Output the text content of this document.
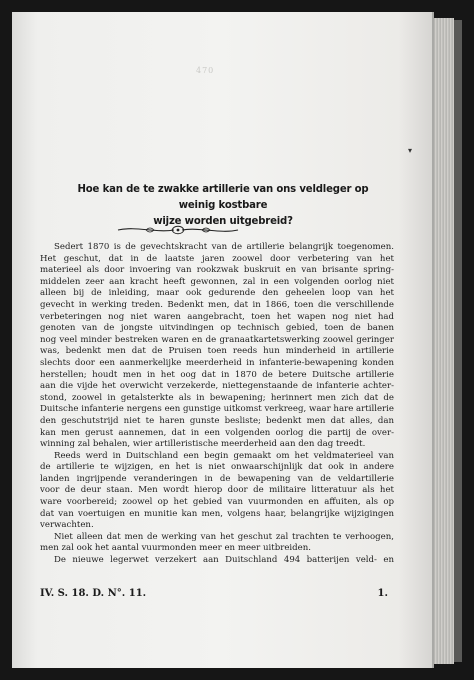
470
▾
Hoe kan de te zwakke artillerie van ons veldleger op weinig kostbare
wijze worden uitgebreid?
Sedert 1870 is de gevechtskracht van de artillerie belangrijk toegenomen.
Het geschut, dat in de laatste jaren zoowel door verbetering van het
materieel als door invoering van rookzwak buskruit en van brisante spring-
middelen zeer aan kracht heeft gewonnen, zal in een volgenden oorlog niet
alleen bij de inleiding, maar ook gedurende den geheelen loop van het
gevecht in werking treden. Bedenkt men, dat in 1866, toen die verschillende
verbeteringen nog niet waren aangebracht, toen het wapen nog niet had
genoten van de jongste uitvindingen op technisch gebied, toen de banen
nog veel minder bestreken waren en de granaatkartetswerking zoowel geringer
was, bedenkt men dat de Pruisen toen reeds hun minderheid in artillerie
slechts door een aanmerkelijke meerderheid in infanterie-bewapening konden
herstellen; houdt men in het oog dat in 1870 de betere Duitsche artillerie
aan die vijde het overwicht verzekerde, niettegenstaande de infanterie achter-
stond, zoowel in getalsterkte als in bewapening; herinnert men zich dat de
Duitsche infanterie nergens een gunstige uitkomst verkreeg, waar hare artillerie
den geschutstrijd niet te haren gunste besliste; bedenkt men dat alles, dan
kan men gerust aannemen, dat in een volgenden oorlog die partij de over-
winning zal behalen, wier artilleristische meerderheid aan den dag treedt.
Reeds werd in Duitschland een begin gemaakt om het veldmaterieel van
de artillerie te wijzigen, en het is niet onwaarschijnlijk dat ook in andere
landen ingrijpende veranderingen in de bewapening van de veldartillerie
voor de deur staan. Men wordt hierop door de militaire litteratuur als het
ware voorbereid; zoowel op het gebied van vuurmonden en affuiten, als op
dat van voertuigen en munitie kan men, volgens haar, belangrijke wijzigingen
verwachten.
Niet alleen dat men de werking van het geschut zal trachten te verhoogen,
men zal ook het aantal vuurmonden meer en meer uitbreiden.
De nieuwe legerwet verzekert aan Duitschland 494 batterijen veld- en
IV. S. 18. D. N°. 11.	1.
